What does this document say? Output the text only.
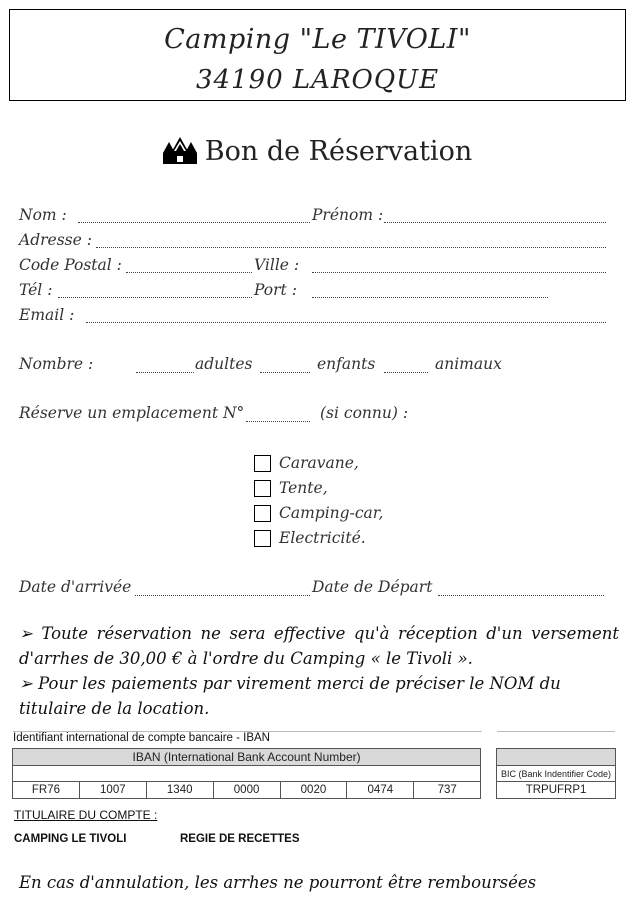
Camping "Le TIVOLI"
34190 LAROQUE
Bon de Réservation
Nom :	Prénom :
Adresse :
Code Postal :	Ville :
Tél :	Port :
Email :
Nombre :	adultes	enfants	animaux
Réserve un emplacement N°	(si connu) :
Caravane,
Tente,
Camping-car,
Electricité.
Date d'arrivée	Date de Départ
➢ Toute réservation ne sera effective qu'à réception d'un versement d'arrhes de 30,00 € à l'ordre du Camping « le Tivoli ».
➢ Pour les paiements par virement merci de préciser le NOM du titulaire de la location.
Identifiant international de compte bancaire - IBAN
IBAN (International Bank Account Number)								
								BIC (Bank Indentifier Code)
FR76	1007	1340	0000	0020	0474	737		TRPUFRP1
TITULAIRE DU COMPTE :
CAMPING LE TIVOLI	REGIE DE RECETTES
En cas d'annulation, les arrhes ne pourront être remboursées
